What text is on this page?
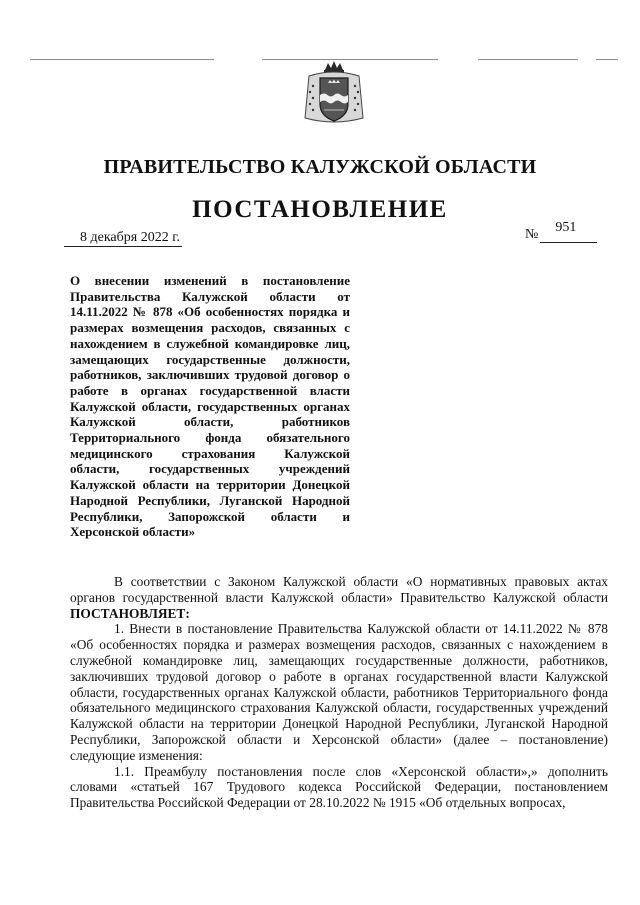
ПРАВИТЕЛЬСТВО КАЛУЖСКОЙ ОБЛАСТИ
ПОСТАНОВЛЕНИЕ
8 декабря 2022 г.	№ 951
О внесении изменений в постановление Правительства Калужской области от 14.11.2022 № 878 «Об особенностях порядка и размерах возмещения расходов, связанных с нахождением в служебной командировке лиц, замещающих государственные должности, работников, заключивших трудовой договор о работе в органах государственной власти Калужской области, государственных органах Калужской области, работников Территориального фонда обязательного медицинского страхования Калужской области, государственных учреждений Калужской области на территории Донецкой Народной Республики, Луганской Народной Республики, Запорожской области и Херсонской области»

В соответствии с Законом Калужской области «О нормативных правовых актах органов государственной власти Калужской области» Правительство Калужской области ПОСТАНОВЛЯЕТ:

1. Внести в постановление Правительства Калужской области от 14.11.2022 № 878 «Об особенностях порядка и размерах возмещения расходов, связанных с нахождением в служебной командировке лиц, замещающих государственные должности, работников, заключивших трудовой договор о работе в органах государственной власти Калужской области, государственных органах Калужской области, работников Территориального фонда обязательного медицинского страхования Калужской области, государственных учреждений Калужской области на территории Донецкой Народной Республики, Луганской Народной Республики, Запорожской области и Херсонской области» (далее – постановление) следующие изменения:

1.1. Преамбулу постановления после слов «Херсонской области»,» дополнить словами «статьей 167 Трудового кодекса Российской Федерации, постановлением Правительства Российской Федерации от 28.10.2022 № 1915 «Об отдельных вопросах,
